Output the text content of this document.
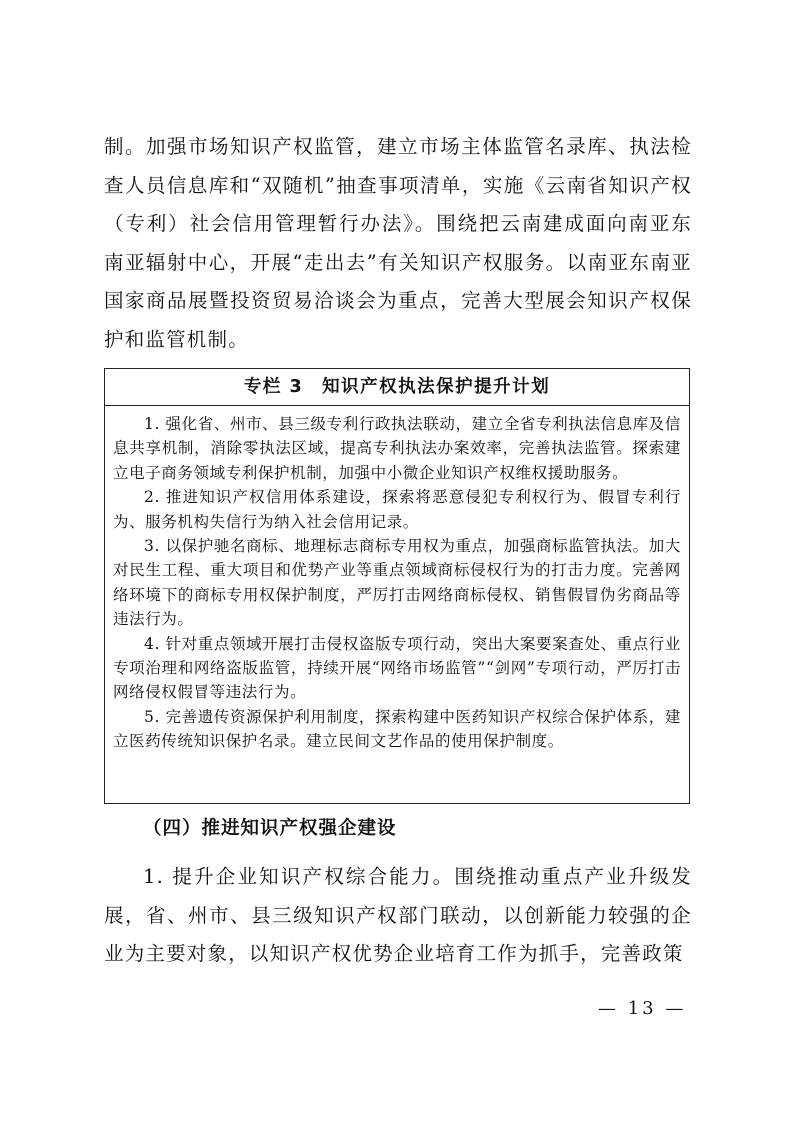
制。加强市场知识产权监管，建立市场主体监管名录库、执法检查人员信息库和“双随机”抽查事项清单，实施《云南省知识产权（专利）社会信用管理暂行办法》。围绕把云南建成面向南亚东南亚辐射中心，开展“走出去”有关知识产权服务。以南亚东南亚国家商品展暨投资贸易洽谈会为重点，完善大型展会知识产权保护和监管机制。

专栏 3　知识产权执法保护提升计划

1. 强化省、州市、县三级专利行政执法联动，建立全省专利执法信息库及信息共享机制，消除零执法区域，提高专利执法办案效率，完善执法监管。探索建立电子商务领域专利保护机制，加强中小微企业知识产权维权援助服务。

2. 推进知识产权信用体系建设，探索将恶意侵犯专利权行为、假冒专利行为、服务机构失信行为纳入社会信用记录。

3. 以保护驰名商标、地理标志商标专用权为重点，加强商标监管执法。加大对民生工程、重大项目和优势产业等重点领域商标侵权行为的打击力度。完善网络环境下的商标专用权保护制度，严厉打击网络商标侵权、销售假冒伪劣商品等违法行为。

4. 针对重点领域开展打击侵权盗版专项行动，突出大案要案查处、重点行业专项治理和网络盗版监管，持续开展“网络市场监管”“剑网”专项行动，严厉打击网络侵权假冒等违法行为。

5. 完善遗传资源保护利用制度，探索构建中医药知识产权综合保护体系，建立医药传统知识保护名录。建立民间文艺作品的使用保护制度。

（四）推进知识产权强企建设

1. 提升企业知识产权综合能力。围绕推动重点产业升级发展，省、州市、县三级知识产权部门联动，以创新能力较强的企业为主要对象，以知识产权优势企业培育工作为抓手，完善政策

— 13 —
